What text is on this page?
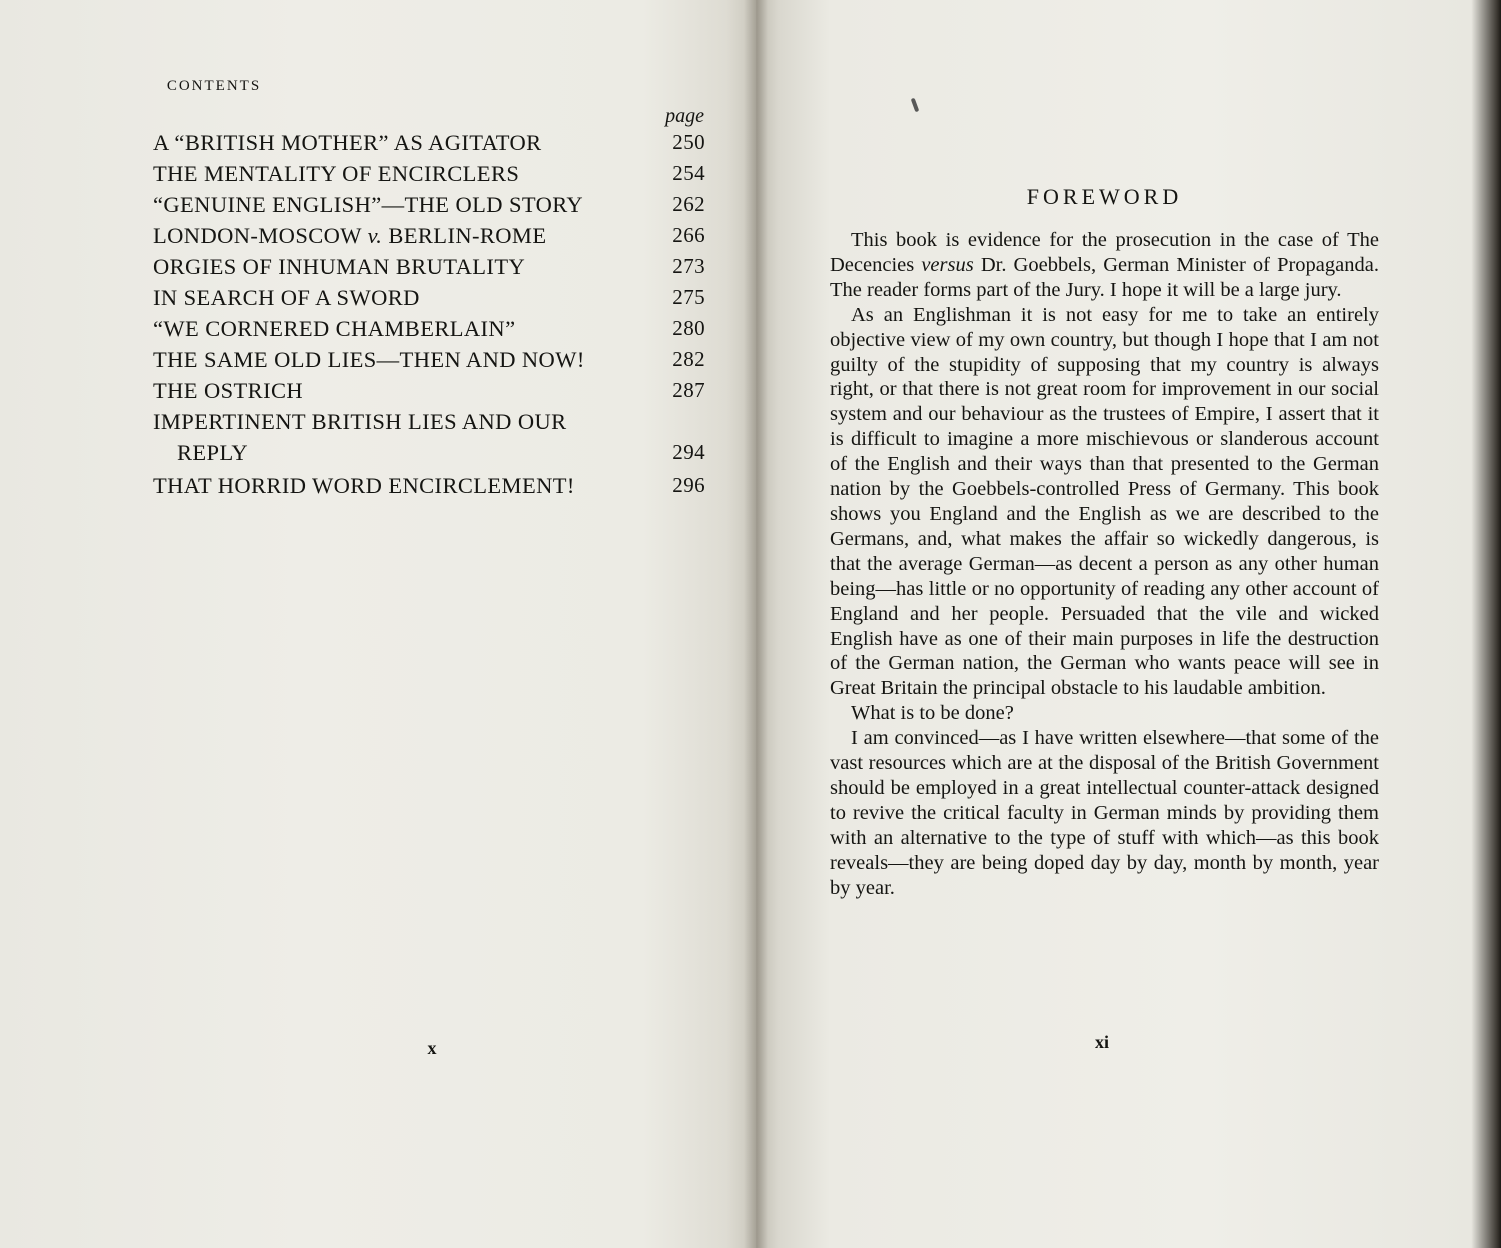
CONTENTS
page
A “BRITISH MOTHER” AS AGITATOR	250
THE MENTALITY OF ENCIRCLERS	254
“GENUINE ENGLISH”—THE OLD STORY	262
LONDON-MOSCOW v. BERLIN-ROME	266
ORGIES OF INHUMAN BRUTALITY	273
IN SEARCH OF A SWORD	275
“WE CORNERED CHAMBERLAIN”	280
THE SAME OLD LIES—THEN AND NOW!	282
THE OSTRICH	287
IMPERTINENT BRITISH LIES AND OUR
REPLY	294
THAT HORRID WORD ENCIRCLEMENT!	296
x
FOREWORD

This book is evidence for the prosecution in the case of The Decencies versus Dr. Goebbels, German Minister of Propaganda. The reader forms part of the Jury. I hope it will be a large jury.

As an Englishman it is not easy for me to take an entirely objective view of my own country, but though I hope that I am not guilty of the stupidity of supposing that my country is always right, or that there is not great room for improvement in our social system and our behaviour as the trustees of Empire, I assert that it is difficult to imagine a more mischievous or slanderous account of the English and their ways than that presented to the German nation by the Goebbels-controlled Press of Germany. This book shows you England and the English as we are described to the Germans, and, what makes the affair so wickedly dangerous, is that the average German—as decent a person as any other human being—has little or no opportunity of reading any other account of England and her people. Persuaded that the vile and wicked English have as one of their main purposes in life the destruction of the German nation, the German who wants peace will see in Great Britain the principal obstacle to his laudable ambition.

What is to be done?

I am convinced—as I have written elsewhere—that some of the vast resources which are at the disposal of the British Government should be employed in a great intellectual counter-attack designed to revive the critical faculty in German minds by providing them with an alternative to the type of stuff with which—as this book reveals—they are being doped day by day, month by month, year by year.

xi
